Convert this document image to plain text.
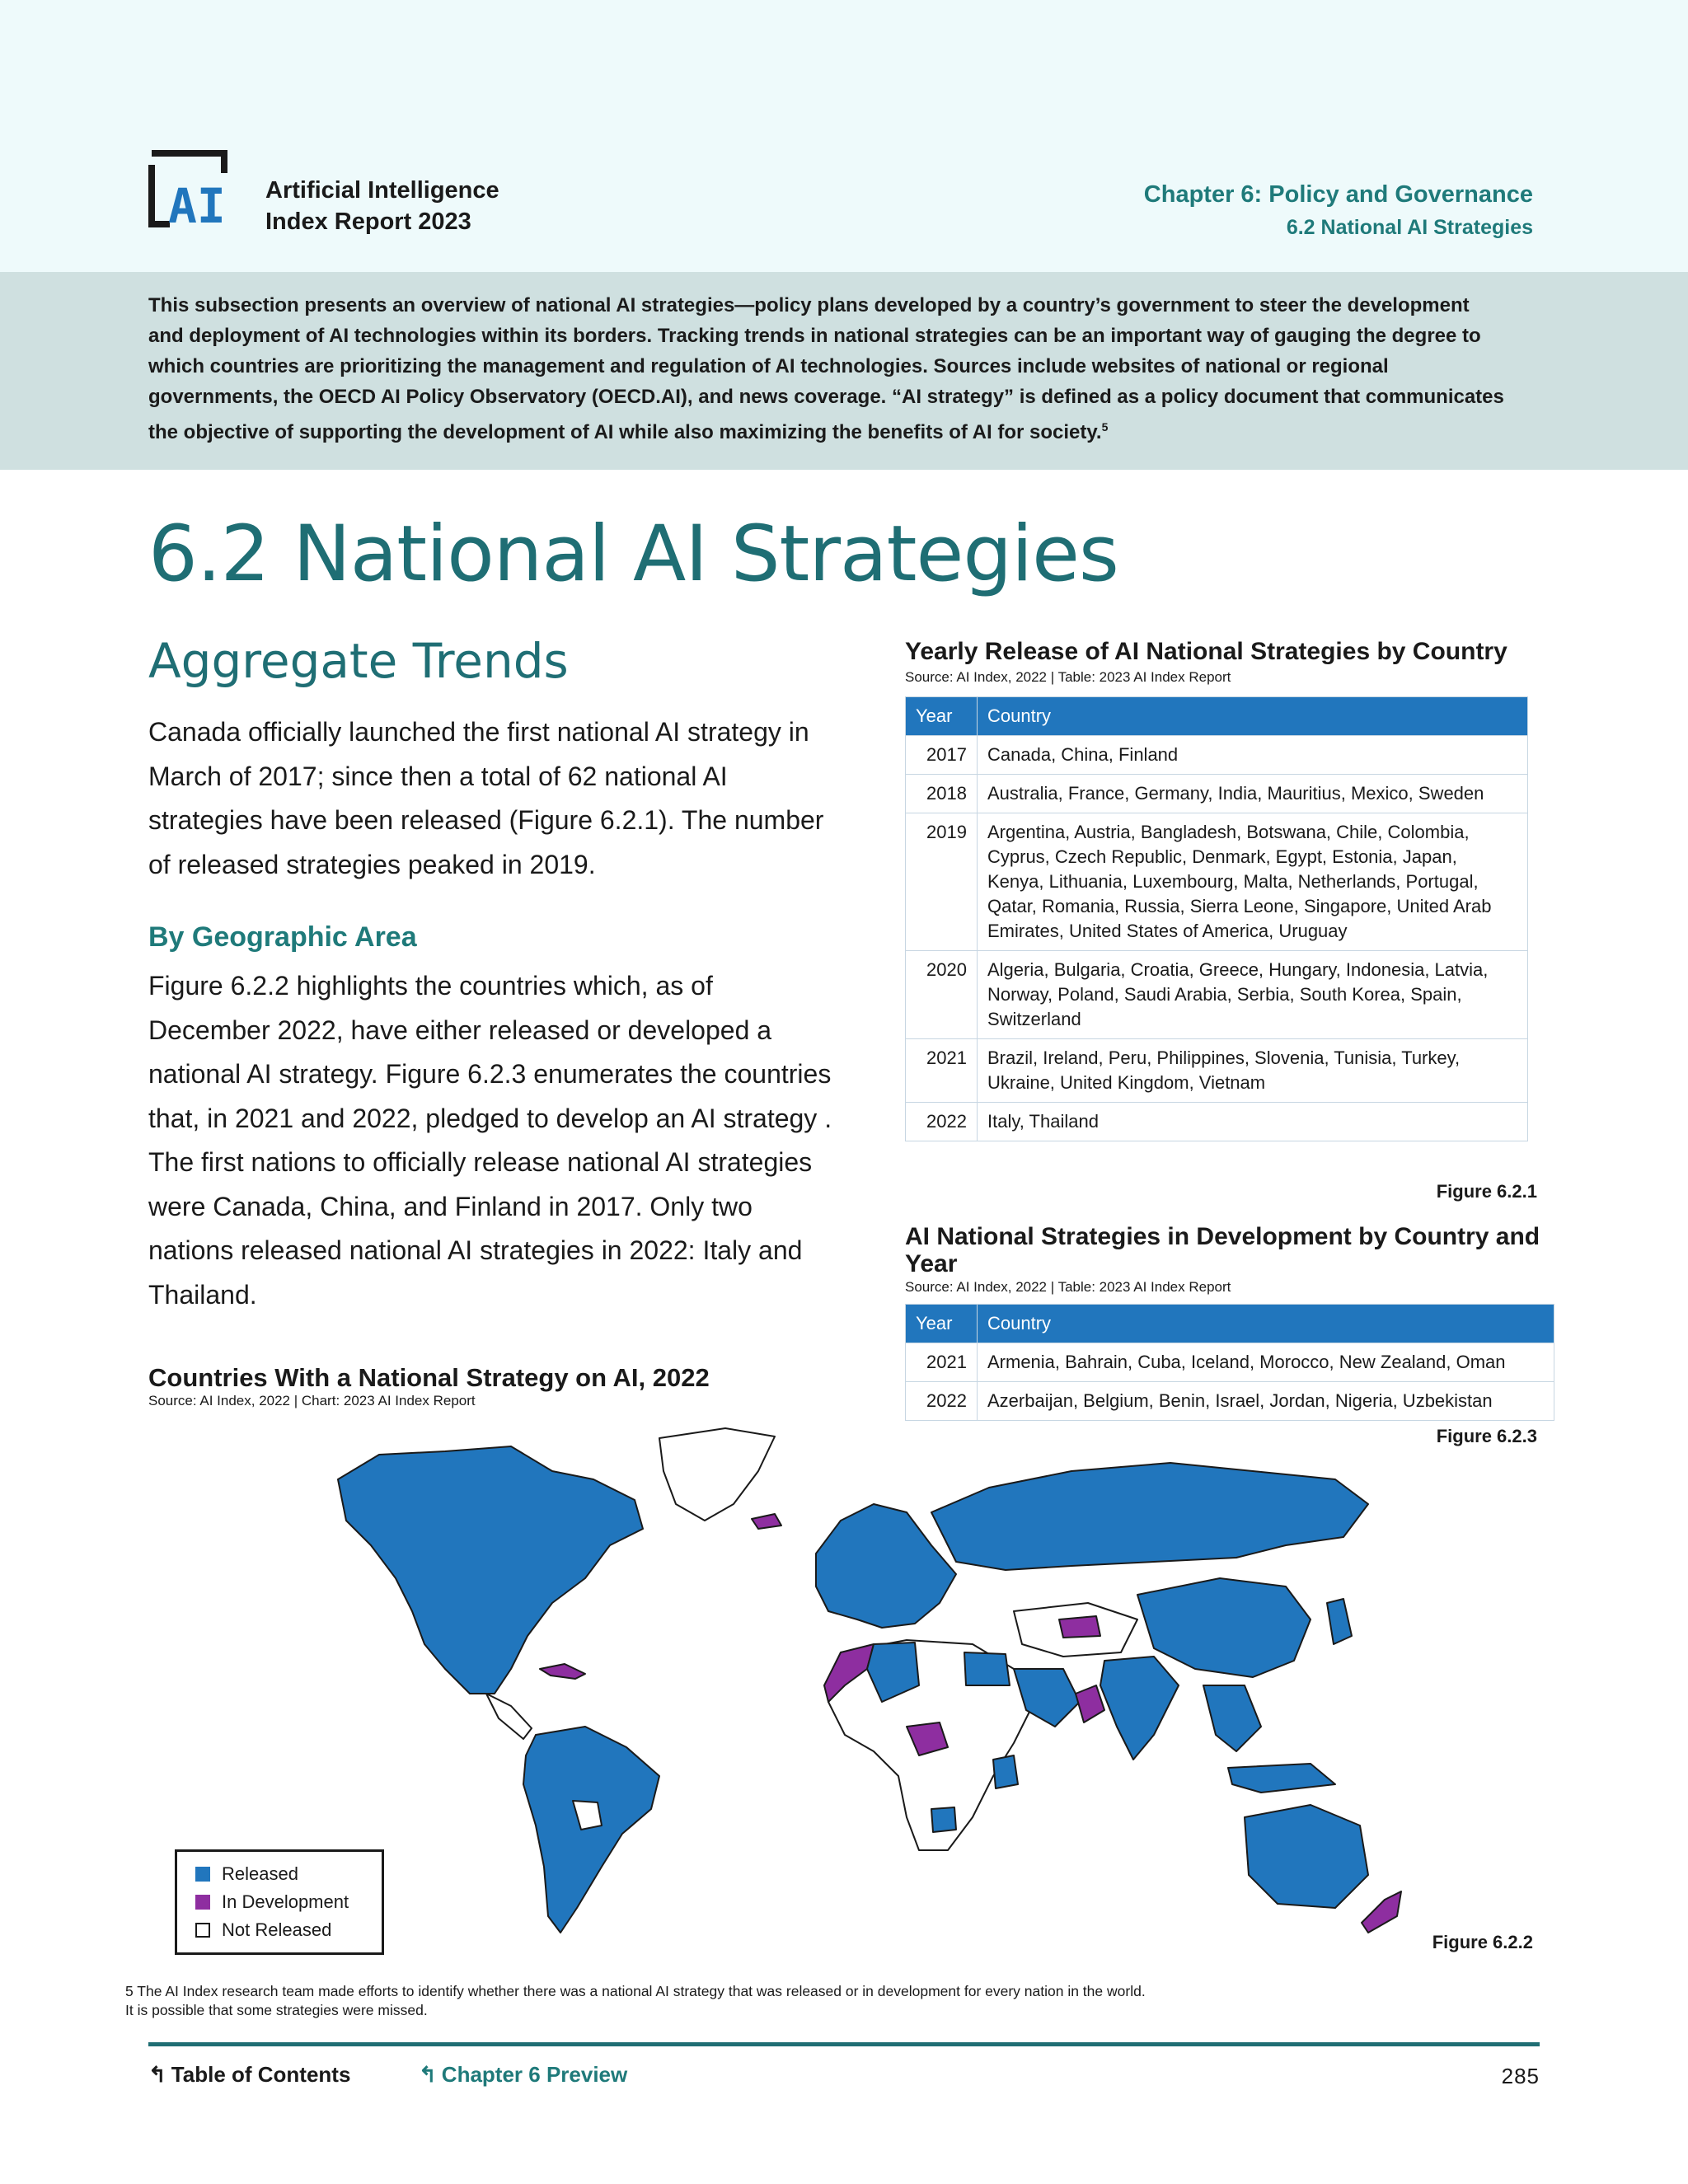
AI Artificial Intelligence
Index Report 2023
Chapter 6: Policy and Governance
6.2 National AI Strategies
This subsection presents an overview of national AI strategies—policy plans developed by a country’s government to steer the development and deployment of AI technologies within its borders. Tracking trends in national strategies can be an important way of gauging the degree to which countries are prioritizing the management and regulation of AI technologies. Sources include websites of national or regional governments, the OECD AI Policy Observatory (OECD.AI), and news coverage. “AI strategy” is defined as a policy document that communicates the objective of supporting the development of AI while also maximizing the benefits of AI for society.$^5$
6.2 National AI Strategies
Aggregate Trends
Canada officially launched the first national AI strategy in March of 2017; since then a total of 62 national AI strategies have been released (Figure 6.2.1). The number of released strategies peaked in 2019.
By Geographic Area
Figure 6.2.2 highlights the countries which, as of December 2022, have either released or developed a national AI strategy. Figure 6.2.3 enumerates the countries that, in 2021 and 2022, pledged to develop an AI strategy . The first nations to officially release national AI strategies were Canada, China, and Finland in 2017. Only two nations released national AI strategies in 2022: Italy and Thailand.
Yearly Release of AI National Strategies by Country
Source: AI Index, 2022 | Table: 2023 AI Index Report
Year	Country
2017	Canada, China, Finland
2018	Australia, France, Germany, India, Mauritius, Mexico, Sweden
2019	Argentina, Austria, Bangladesh, Botswana, Chile, Colombia, Cyprus, Czech Republic, Denmark, Egypt, Estonia, Japan, Kenya, Lithuania, Luxembourg, Malta, Netherlands, Portugal, Qatar, Romania, Russia, Sierra Leone, Singapore, United Arab Emirates, United States of America, Uruguay
2020	Algeria, Bulgaria, Croatia, Greece, Hungary, Indonesia, Latvia, Norway, Poland, Saudi Arabia, Serbia, South Korea, Spain, Switzerland
2021	Brazil, Ireland, Peru, Philippines, Slovenia, Tunisia, Turkey, Ukraine, United Kingdom, Vietnam
2022	Italy, Thailand
Figure 6.2.1
AI National Strategies in Development by Country and Year
Source: AI Index, 2022 | Table: 2023 AI Index Report
Year	Country
2021	Armenia, Bahrain, Cuba, Iceland, Morocco, New Zealand, Oman
2022	Azerbaijan, Belgium, Benin, Israel, Jordan, Nigeria, Uzbekistan
Figure 6.2.3
Countries With a National Strategy on AI, 2022
Source: AI Index, 2022 | Chart: 2023 AI Index Report
Released
In Development
Not Released
Figure 6.2.2
5 The AI Index research team made efforts to identify whether there was a national AI strategy that was released or in development for every nation in the world.
It is possible that some strategies were missed.
↰ Table of Contents	↰ Chapter 6 Preview	285
